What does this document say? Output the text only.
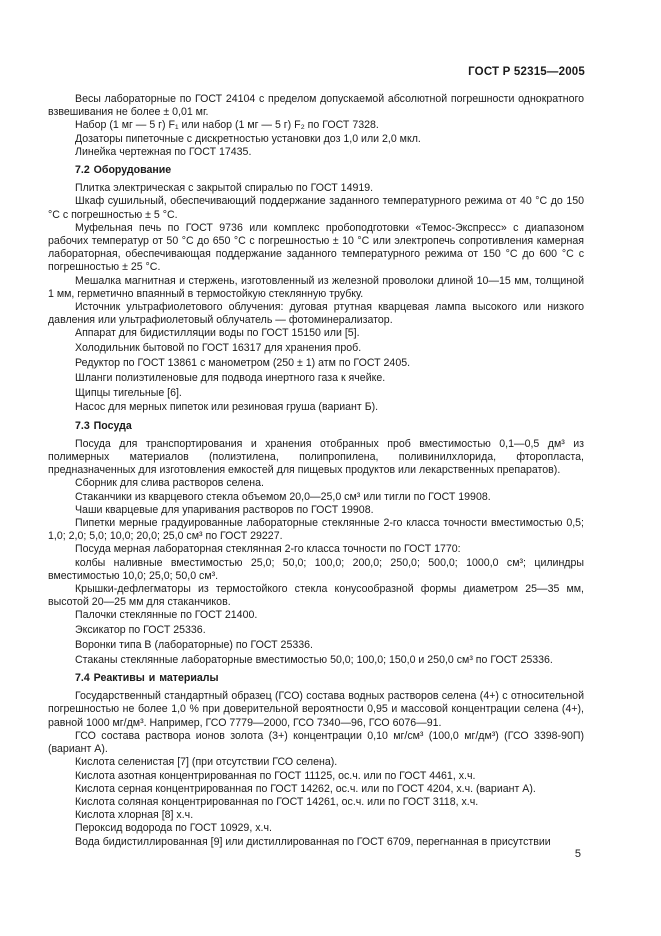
ГОСТ Р 52315—2005

Весы лабораторные по ГОСТ 24104 с пределом допускаемой абсолютной погрешности однократного взвешивания не более ± 0,01 мг.

Набор (1 мг — 5 г) F₁ или набор (1 мг — 5 г) F₂ по ГОСТ 7328.

Дозаторы пипеточные с дискретностью установки доз 1,0 или 2,0 мкл.

Линейка чертежная по ГОСТ 17435.

7.2 Оборудование

Плитка электрическая с закрытой спиралью по ГОСТ 14919.

Шкаф сушильный, обеспечивающий поддержание заданного температурного режима от 40 °С до 150 °С с погрешностью ± 5 °С.

Муфельная печь по ГОСТ 9736 или комплекс пробоподготовки «Темос-Экспресс» с диапазоном рабочих температур от 50 °С до 650 °С с погрешностью ± 10 °С или электропечь сопротивления камерная лабораторная, обеспечивающая поддержание заданного температурного режима от 150 °С до 600 °С с погрешностью ± 25 °С.

Мешалка магнитная и стержень, изготовленный из железной проволоки длиной 10—15 мм, толщиной 1 мм, герметично впаянный в термостойкую стеклянную трубку.

Источник ультрафиолетового облучения: дуговая ртутная кварцевая лампа высокого или низкого давления или ультрафиолетовый облучатель — фотоминерализатор.

Аппарат для бидистилляции воды по ГОСТ 15150 или [5].

Холодильник бытовой по ГОСТ 16317 для хранения проб.

Редуктор по ГОСТ 13861 с манометром (250 ± 1) атм по ГОСТ 2405.

Шланги полиэтиленовые для подвода инертного газа к ячейке.

Щипцы тигельные [6].

Насос для мерных пипеток или резиновая груша (вариант Б).

7.3 Посуда

Посуда для транспортирования и хранения отобранных проб вместимостью 0,1—0,5 дм³ из полимерных материалов (полиэтилена, полипропилена, поливинилхлорида, фторопласта, предназначенных для изготовления емкостей для пищевых продуктов или лекарственных препаратов).

Сборник для слива растворов селена.

Стаканчики из кварцевого стекла объемом 20,0—25,0 см³ или тигли по ГОСТ 19908.

Чаши кварцевые для упаривания растворов по ГОСТ 19908.

Пипетки мерные градуированные лабораторные стеклянные 2-го класса точности вместимостью 0,5; 1,0; 2,0; 5,0; 10,0; 20,0; 25,0 см³ по ГОСТ 29227.

Посуда мерная лабораторная стеклянная 2-го класса точности по ГОСТ 1770:

колбы наливные вместимостью 25,0; 50,0; 100,0; 200,0; 250,0; 500,0; 1000,0 см³; цилиндры вместимостью 10,0; 25,0; 50,0 см³.

Крышки-дефлегматоры из термостойкого стекла конусообразной формы диаметром 25—35 мм, высотой 20—25 мм для стаканчиков.

Палочки стеклянные по ГОСТ 21400.

Эксикатор по ГОСТ 25336.

Воронки типа В (лабораторные) по ГОСТ 25336.

Стаканы стеклянные лабораторные вместимостью 50,0; 100,0; 150,0 и 250,0 см³ по ГОСТ 25336.

7.4 Реактивы и материалы

Государственный стандартный образец (ГСО) состава водных растворов селена (4+) с относительной погрешностью не более 1,0 % при доверительной вероятности 0,95 и массовой концентрации селена (4+), равной 1000 мг/дм³. Например, ГСО 7779—2000, ГСО 7340—96, ГСО 6076—91.

ГСО состава раствора ионов золота (3+) концентрации 0,10 мг/см³ (100,0 мг/дм³) (ГСО 3398-90П) (вариант А).

Кислота селенистая [7] (при отсутствии ГСО селена).

Кислота азотная концентрированная по ГОСТ 11125, ос.ч. или по ГОСТ 4461, х.ч.

Кислота серная концентрированная по ГОСТ 14262, ос.ч. или по ГОСТ 4204, х.ч. (вариант А).

Кислота соляная концентрированная по ГОСТ 14261, ос.ч. или по ГОСТ 3118, х.ч.

Кислота хлорная [8] х.ч.

Пероксид водорода по ГОСТ 10929, х.ч.

Вода бидистиллированная [9] или дистиллированная по ГОСТ 6709, перегнанная в присутствии

5
